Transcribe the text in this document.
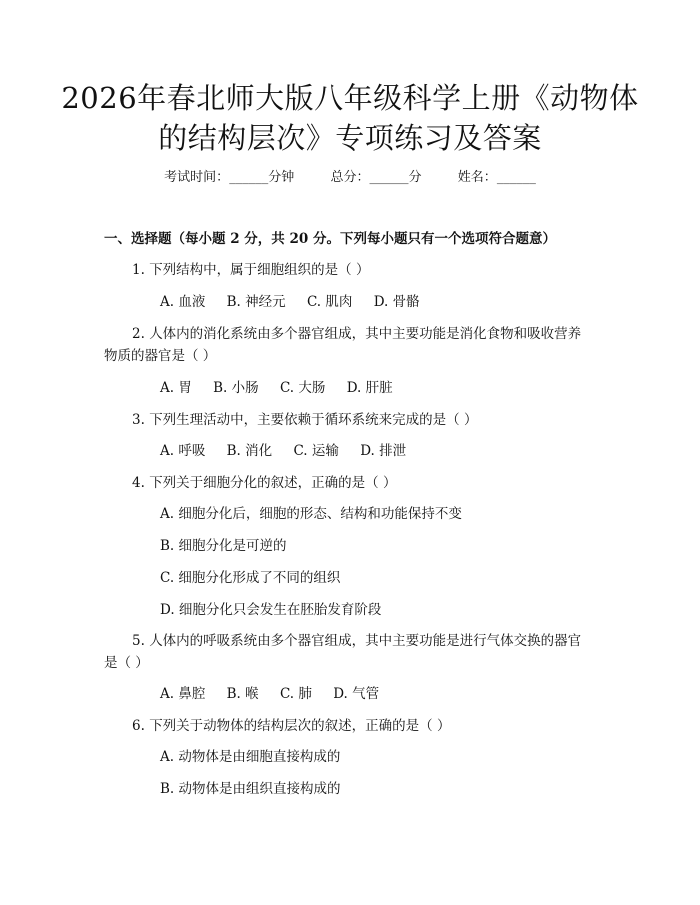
2026年春北师大版八年级科学上册《动物体
的结构层次》专项练习及答案
考试时间：______分钟	总分：______分	姓名：______
一、选择题（每小题 2 分，共 20 分。下列每小题只有一个选项符合题意）
1. 下列结构中，属于细胞组织的是（ ）
A. 血液 B. 神经元 C. 肌肉 D. 骨骼
2. 人体内的消化系统由多个器官组成，其中主要功能是消化食物和吸收营养
物质的器官是（ ）
A. 胃 B. 小肠 C. 大肠 D. 肝脏
3. 下列生理活动中，主要依赖于循环系统来完成的是（ ）
A. 呼吸 B. 消化 C. 运输 D. 排泄
4. 下列关于细胞分化的叙述，正确的是（ ）
A. 细胞分化后，细胞的形态、结构和功能保持不变
B. 细胞分化是可逆的
C. 细胞分化形成了不同的组织
D. 细胞分化只会发生在胚胎发育阶段
5. 人体内的呼吸系统由多个器官组成，其中主要功能是进行气体交换的器官
是（ ）
A. 鼻腔 B. 喉 C. 肺 D. 气管
6. 下列关于动物体的结构层次的叙述，正确的是（ ）
A. 动物体是由细胞直接构成的
B. 动物体是由组织直接构成的
